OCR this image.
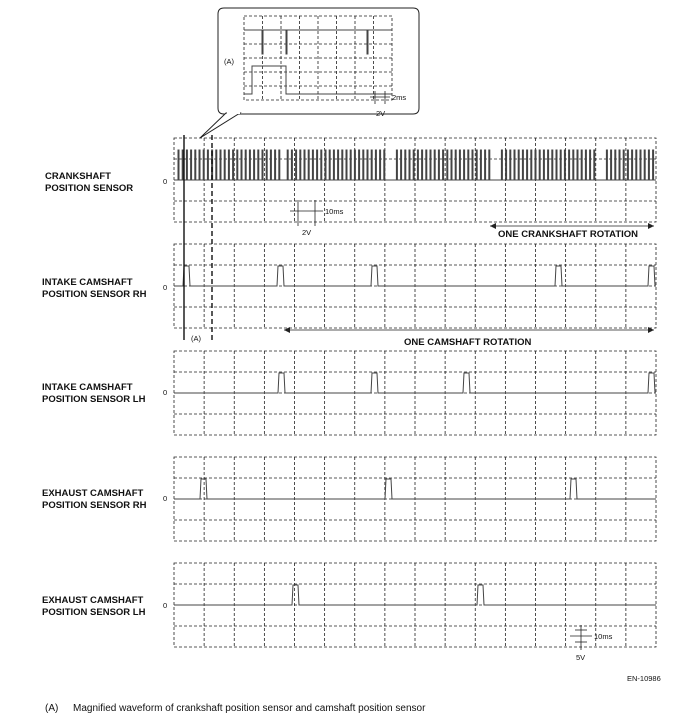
(A)
2ms
2V
CRANKSHAFT
POSITION SENSOR
INTAKE CAMSHAFT
POSITION SENSOR RH
INTAKE CAMSHAFT
POSITION SENSOR LH
EXHAUST CAMSHAFT
POSITION SENSOR RH
EXHAUST CAMSHAFT
POSITION SENSOR LH
0
0
0
0
0
(A)
10ms
2V	ONE CRANKSHAFT ROTATION
ONE CAMSHAFT ROTATION
10ms
5V
EN-10986
(A) Magnified waveform of crankshaft position sensor and camshaft position sensor
